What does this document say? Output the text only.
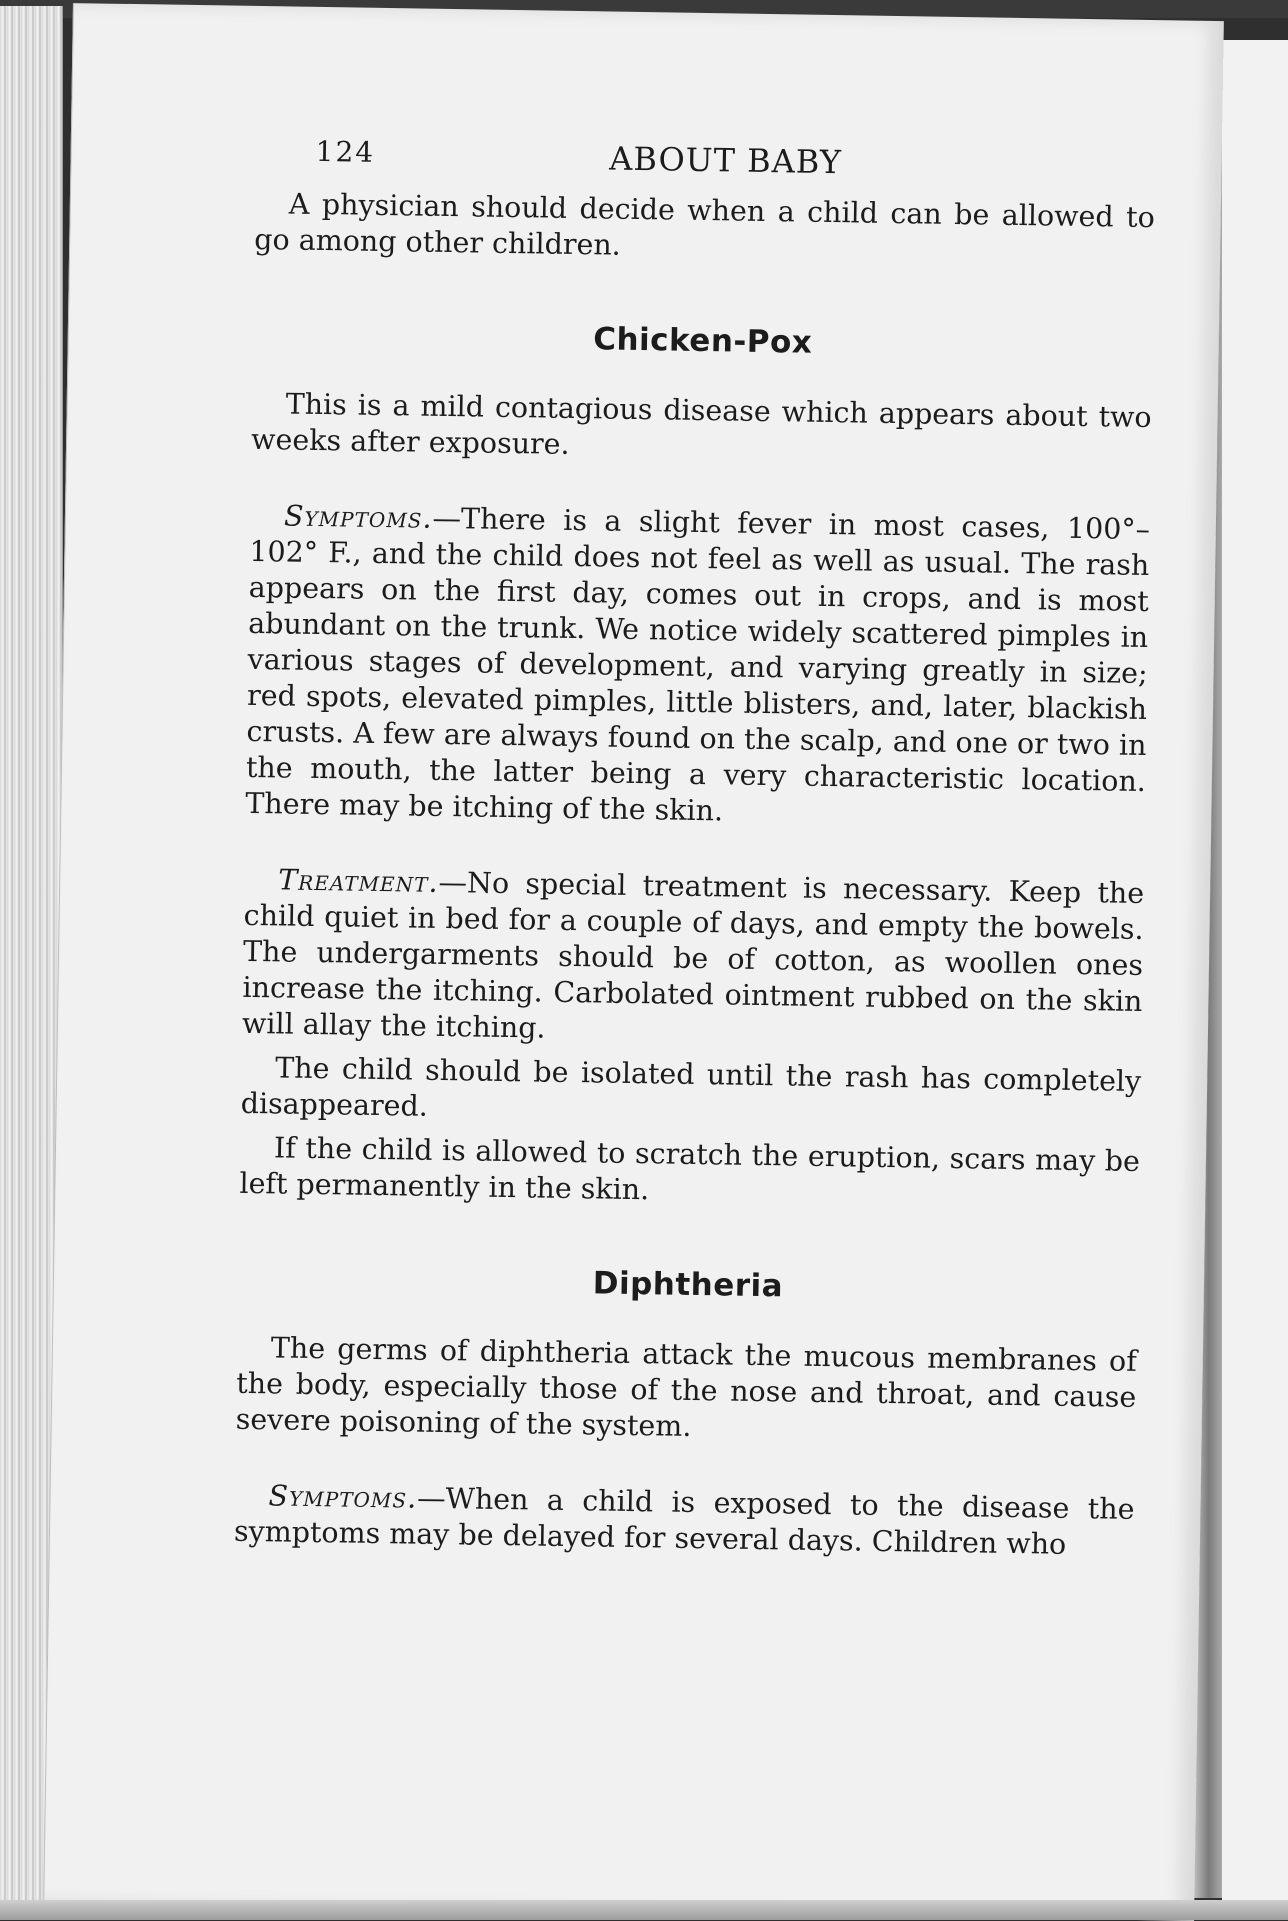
124	ABOUT BABY

A physician should decide when a child can be allowed to go among other children.

Chicken-Pox

This is a mild contagious disease which appears about two weeks after exposure.

Symptoms.—There is a slight fever in most cases, 100°–102° F., and the child does not feel as well as usual. The rash appears on the first day, comes out in crops, and is most abundant on the trunk. We notice widely scattered pimples in various stages of development, and varying greatly in size; red spots, elevated pimples, little blisters, and, later, blackish crusts. A few are always found on the scalp, and one or two in the mouth, the latter being a very characteristic location. There may be itching of the skin.

Treatment.—No special treatment is necessary. Keep the child quiet in bed for a couple of days, and empty the bowels. The undergarments should be of cotton, as woollen ones increase the itching. Carbolated ointment rubbed on the skin will allay the itching.

The child should be isolated until the rash has completely disappeared.

If the child is allowed to scratch the eruption, scars may be left permanently in the skin.

Diphtheria

The germs of diphtheria attack the mucous membranes of the body, especially those of the nose and throat, and cause severe poisoning of the system.

Symptoms.—When a child is exposed to the disease the symptoms may be delayed for several days. Children who
